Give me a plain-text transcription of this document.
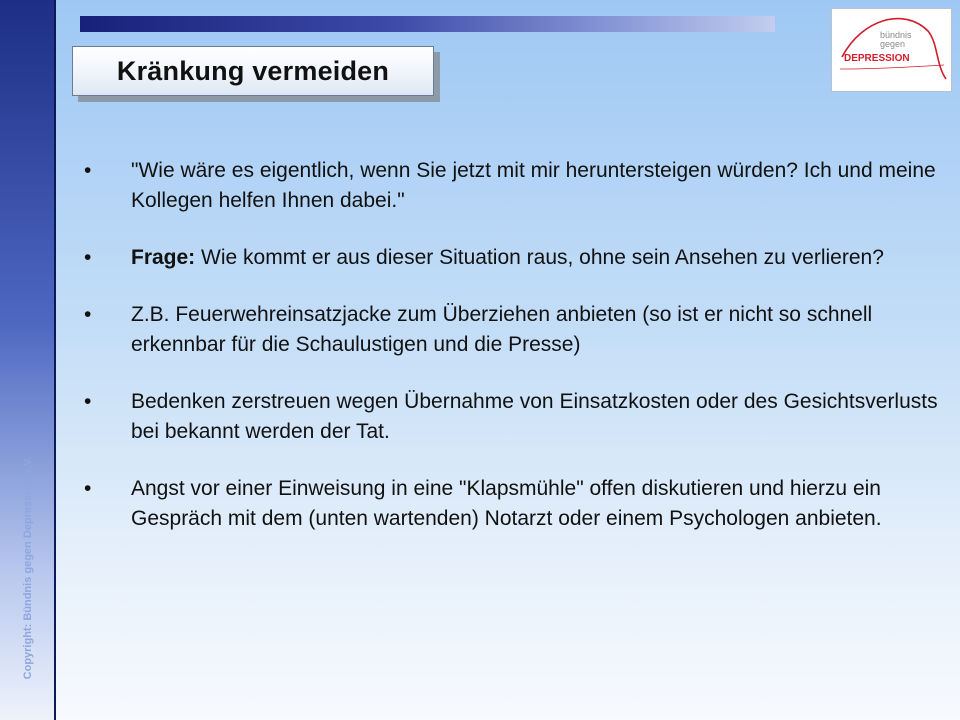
Copyright: Bündnis gegen Depression e.V.
Kränkung vermeiden
bündnis
gegen
DEPRESSION
• "Wie wäre es eigentlich, wenn Sie jetzt mit mir heruntersteigen würden? Ich und meine Kollegen helfen Ihnen dabei."
• Frage: Wie kommt er aus dieser Situation raus, ohne sein Ansehen zu verlieren?
• Z.B. Feuerwehreinsatzjacke zum Überziehen anbieten (so ist er nicht so schnell erkennbar für die Schaulustigen und die Presse)
• Bedenken zerstreuen wegen Übernahme von Einsatzkosten oder des Gesichtsverlusts bei bekannt werden der Tat.
• Angst vor einer Einweisung in eine "Klapsmühle" offen diskutieren und hierzu ein Gespräch mit dem (unten wartenden) Notarzt oder einem Psychologen anbieten.
